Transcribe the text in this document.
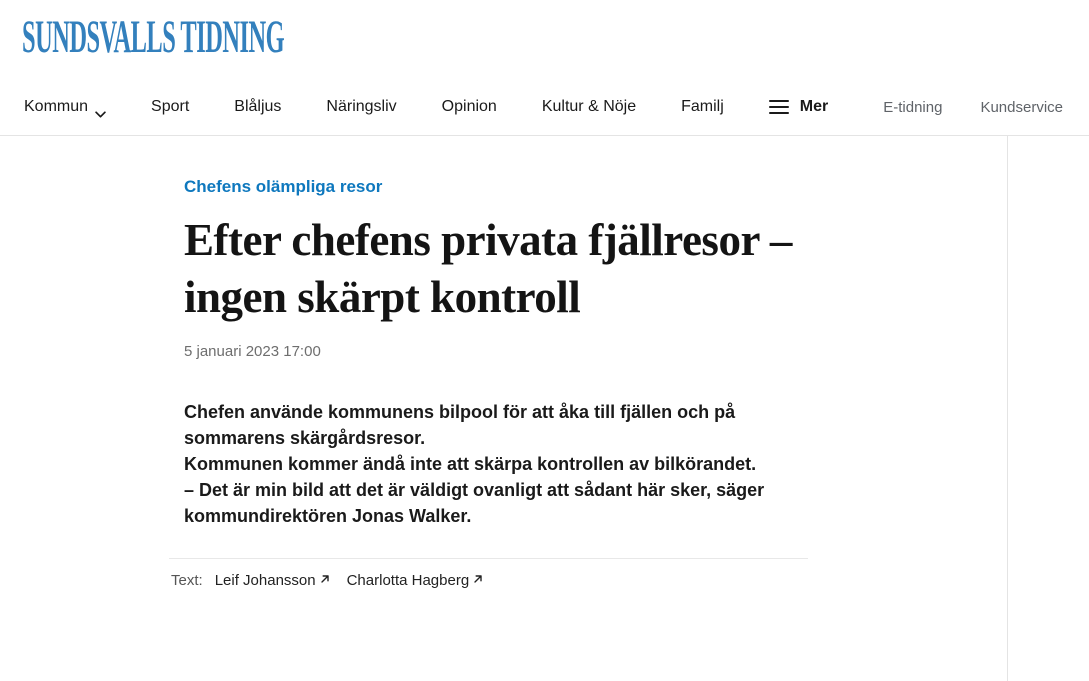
SUNDSVALLS TIDNING
Kommun	Sport	Blåljus	Näringsliv	Opinion	Kultur & Nöje	Familj	Mer	E-tidning	Kundservice
Chefens olämpliga resor
Efter chefens privata fjällresor – ingen skärpt kontroll
5 januari 2023 17:00

Chefen använde kommunens bilpool för att åka till fjällen och på sommarens skärgårdsresor.

Kommunen kommer ändå inte att skärpa kontrollen av bilkörandet.

– Det är min bild att det är väldigt ovanligt att sådant här sker, säger kommundirektören Jonas Walker.

Text: Leif Johansson Charlotta Hagberg
